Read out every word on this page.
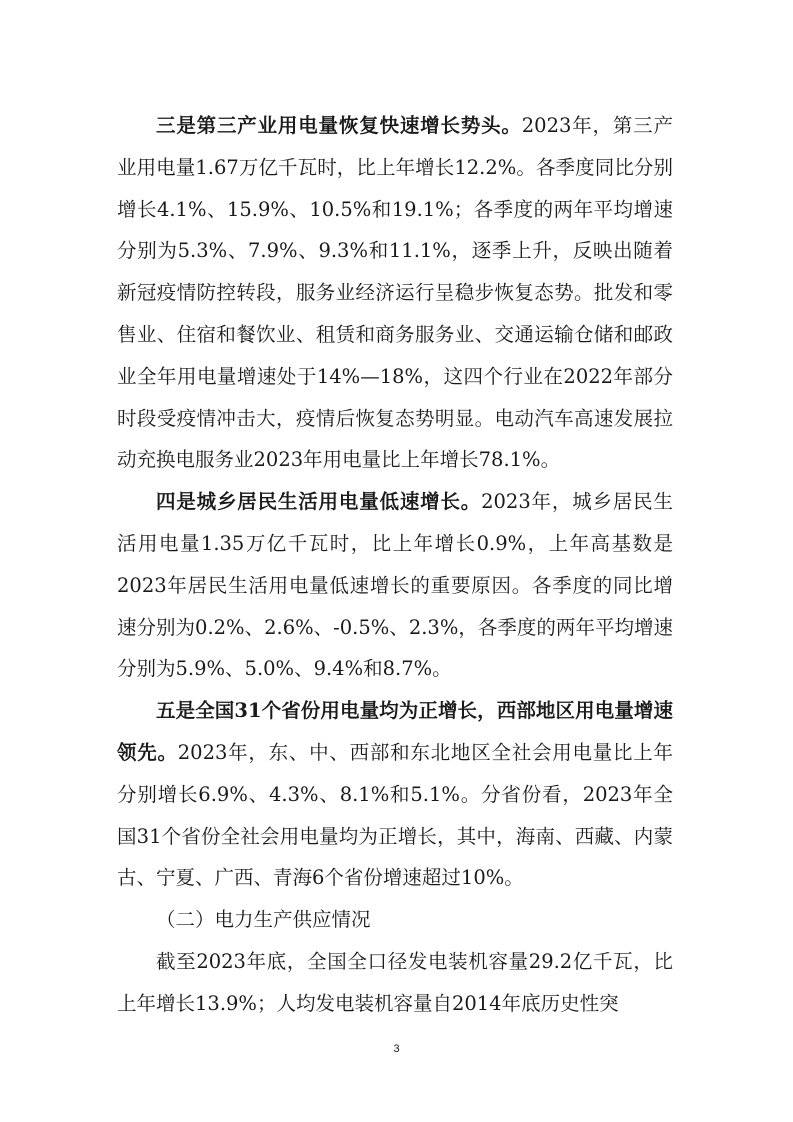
三是第三产业用电量恢复快速增长势头。2023年，第三产业用电量1.67万亿千瓦时，比上年增长12.2%。各季度同比分别增长4.1%、15.9%、10.5%和19.1%；各季度的两年平均增速分别为5.3%、7.9%、9.3%和11.1%，逐季上升，反映出随着新冠疫情防控转段，服务业经济运行呈稳步恢复态势。批发和零售业、住宿和餐饮业、租赁和商务服务业、交通运输仓储和邮政业全年用电量增速处于14%—18%，这四个行业在2022年部分时段受疫情冲击大，疫情后恢复态势明显。电动汽车高速发展拉动充换电服务业2023年用电量比上年增长78.1%。

四是城乡居民生活用电量低速增长。2023年，城乡居民生活用电量1.35万亿千瓦时，比上年增长0.9%，上年高基数是2023年居民生活用电量低速增长的重要原因。各季度的同比增速分别为0.2%、2.6%、-0.5%、2.3%，各季度的两年平均增速分别为5.9%、5.0%、9.4%和8.7%。

五是全国31个省份用电量均为正增长，西部地区用电量增速领先。2023年，东、中、西部和东北地区全社会用电量比上年分别增长6.9%、4.3%、8.1%和5.1%。分省份看，2023年全国31个省份全社会用电量均为正增长，其中，海南、西藏、内蒙古、宁夏、广西、青海6个省份增速超过10%。

（二）电力生产供应情况

截至2023年底，全国全口径发电装机容量29.2亿千瓦，比上年增长13.9%；人均发电装机容量自2014年底历史性突

3
